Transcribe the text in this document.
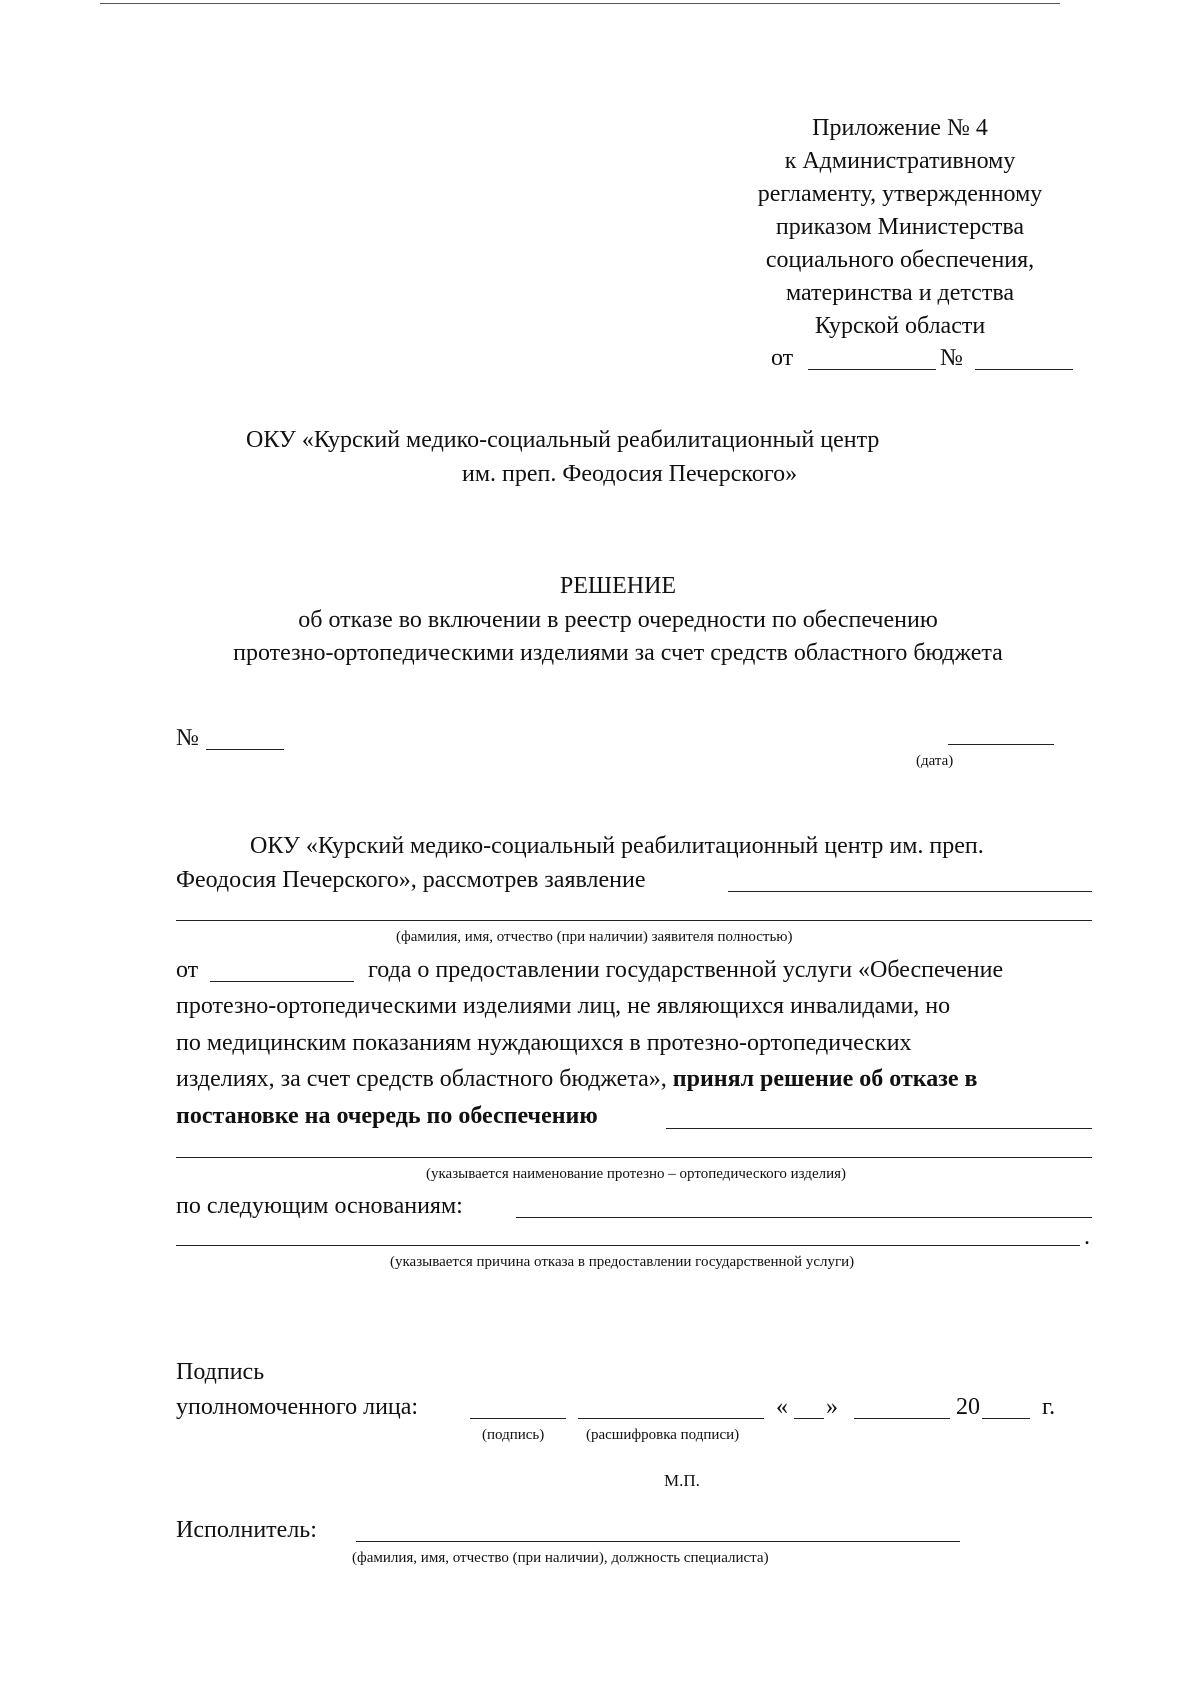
Приложение № 4
к Административному
регламенту, утвержденному
приказом Министерства
социального обеспечения,
материнства и детства
Курской области
от	№
ОКУ «Курский медико-социальный реабилитационный центр
им. преп. Феодосия Печерского»
РЕШЕНИЕ
об отказе во включении в реестр очередности по обеспечению
протезно-ортопедическими изделиями за счет средств областного бюджета
№
(дата)
ОКУ «Курский медико-социальный реабилитационный центр им. преп.
Феодосия Печерского», рассмотрев заявление
(фамилия, имя, отчество (при наличии) заявителя полностью)
от	года о предоставлении государственной услуги «Обеспечение
протезно-ортопедическими изделиями лиц, не являющихся инвалидами, но
по медицинским показаниям нуждающихся в протезно-ортопедических
изделиях, за счет средств областного бюджета», принял решение об отказе в
постановке на очередь по обеспечению
(указывается наименование протезно – ортопедического изделия)
по следующим основаниям:
.
(указывается причина отказа в предоставлении государственной услуги)
Подпись
уполномоченного лица:	« »	20	г.
(подпись)	(расшифровка подписи)
М.П.
Исполнитель:
(фамилия, имя, отчество (при наличии), должность специалиста)
